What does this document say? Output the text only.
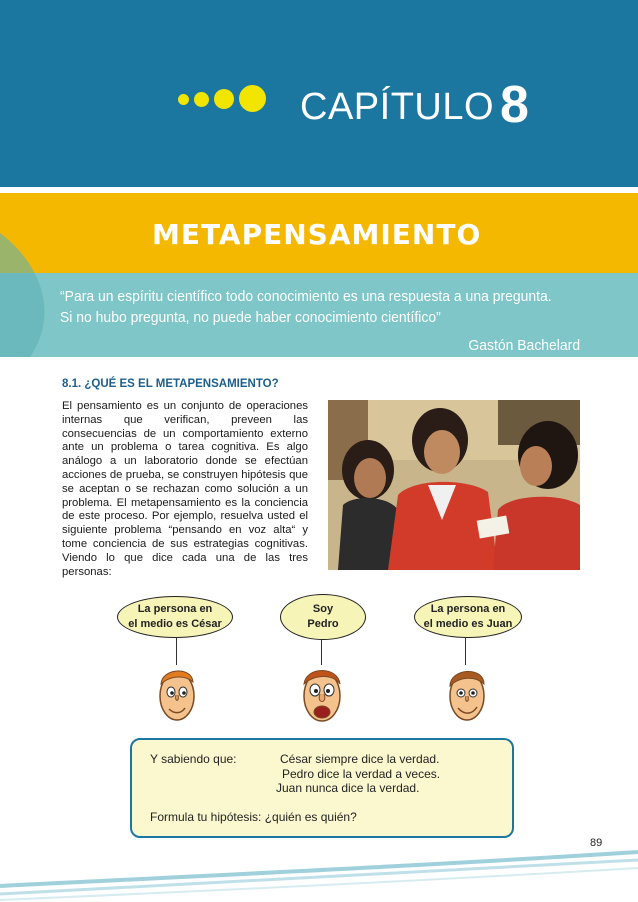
CAPÍTULO 8
METAPENSAMIENTO
“Para un espíritu científico todo conocimiento es una respuesta a una pregunta. Si no hubo pregunta, no puede haber conocimiento científico”
Gastón Bachelard
8.1. ¿QUÉ ES EL METAPENSAMIENTO?
El pensamiento es un conjunto de operaciones internas que verifican, preveen las consecuencias de un comportamiento externo ante un problema o tarea cognitiva. Es algo análogo a un laboratorio donde se efectúan acciones de prueba, se construyen hipótesis que se aceptan o se rechazan como solución a un problema. El metapensamiento es la conciencia de este proceso. Por ejemplo, resuelva usted el siguiente problema “pensando en voz alta“ y tome conciencia de sus estrategias cognitivas. Viendo lo que dice cada una de las tres personas:
La persona en
el medio es César
Soy
Pedro
La persona en
el medio es Juan
Y sabiendo que:	César siempre dice la verdad.
Pedro dice la verdad a veces.
Juan nunca dice la verdad.
Formula tu hipótesis: ¿quién es quién?
89
